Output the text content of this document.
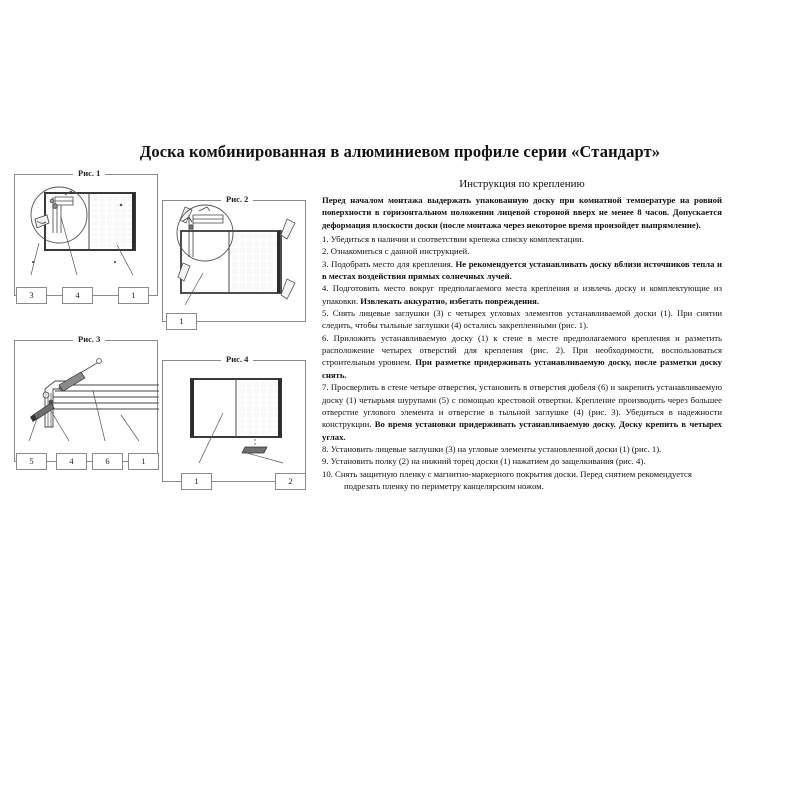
Доска комбинированная в алюминиевом профиле серии «Стандарт»
Рис. 1
3	4	1
Рис. 2
1
Рис. 3
5	4	6	1
Рис. 4
1	2
Инструкция по креплению

Перед началом монтажа выдержать упакованную доску при комнатной температуре на ровной поверхности в горизонтальном положении лицевой стороной вверх не менее 8 часов. Допускается деформация плоскости доски (после монтажа через некоторое время произойдет выпрямление).

1. Убедиться в наличии и соответствии крепежа списку комплектации.

2. Ознакомиться с данной инструкцией.

3. Подобрать место для крепления. Не рекомендуется устанавливать доску вблизи источников тепла и в местах воздействия прямых солнечных лучей.

4. Подготовить место вокруг предполагаемого места крепления и извлечь доску и комплектующие из упаковки. Извлекать аккуратно, избегать повреждения.

5. Снять лицевые заглушки (3) с четырех угловых элементов устанавливаемой доски (1). При снятии следить, чтобы тыльные заглушки (4) остались закрепленными (рис. 1).

6. Приложить устанавливаемую доску (1) к стене в месте предполагаемого крепления и разметить расположение четырех отверстий для крепления (рис. 2). При необходимости, воспользоваться строительным уровнем. При разметке придерживать устанавливаемую доску, после разметки доску снять.

7. Просверлить в стене четыре отверстия, установить в отверстия дюбеля (6) и закрепить устанавливаемую доску (1) четырьмя шурупами (5) с помощью крестовой отвертки. Крепление производить через большее отверстие углового элемента и отверстие в тыльной заглушке (4) (рис. 3). Убедиться в надежности конструкции. Во время установки придерживать устанавливаемую доску. Доску крепить в четырех углах.

8. Установить лицевые заглушки (3) на угловые элементы установленной доски (1) (рис. 1).

9. Установить полку (2) на нижний торец доски (1) нажатием до защелкивания (рис. 4).

10. Снять защитную пленку с магнитно-маркерного покрытия доски. Перед снятием рекомендуется

подрезать пленку по периметру канцелярским ножом.
